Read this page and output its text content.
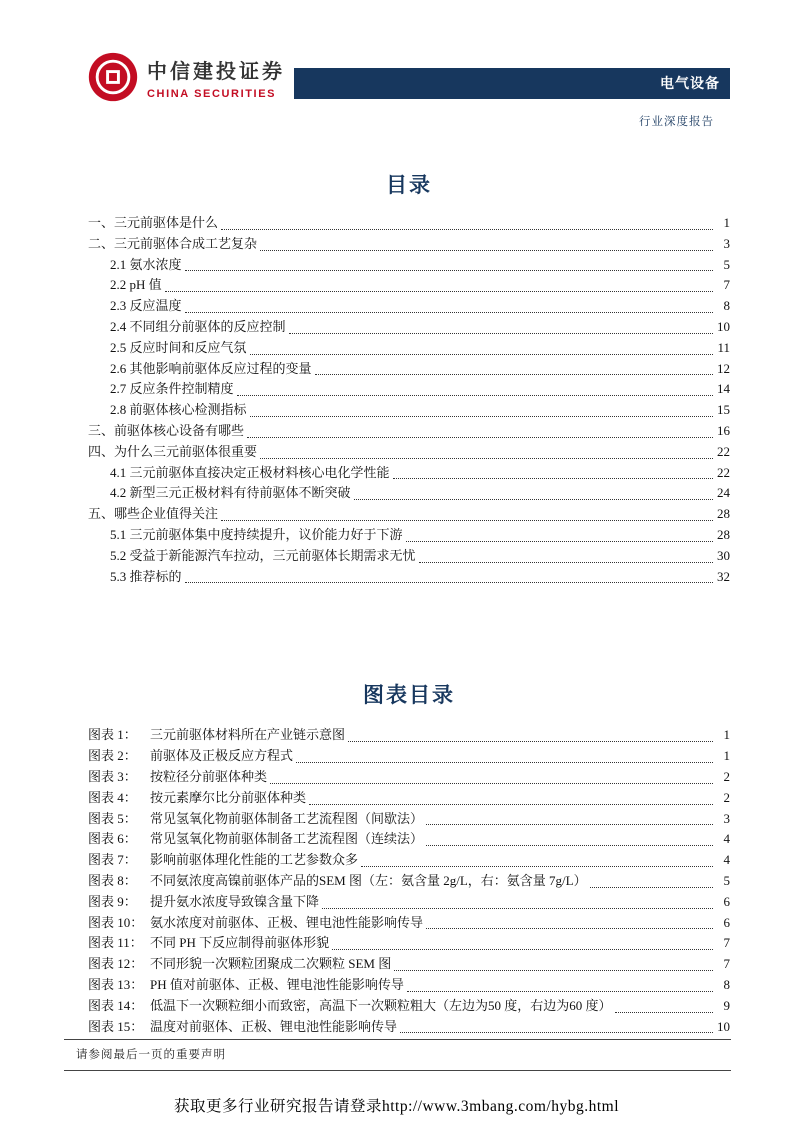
中信建投证券
CHINA SECURITIES
电气设备
行业深度报告
目录
一、三元前驱体是什么	1
二、三元前驱体合成工艺复杂	3
2.1 氨水浓度	5
2.2 pH 值	7
2.3 反应温度	8
2.4 不同组分前驱体的反应控制	10
2.5 反应时间和反应气氛	11
2.6 其他影响前驱体反应过程的变量	12
2.7 反应条件控制精度	14
2.8 前驱体核心检测指标	15
三、前驱体核心设备有哪些	16
四、为什么三元前驱体很重要	22
4.1 三元前驱体直接决定正极材料核心电化学性能	22
4.2 新型三元正极材料有待前驱体不断突破	24
五、哪些企业值得关注	28
5.1 三元前驱体集中度持续提升，议价能力好于下游	28
5.2 受益于新能源汽车拉动，三元前驱体长期需求无忧	30
5.3 推荐标的	32
图表目录
图表 1：	三元前驱体材料所在产业链示意图	1
图表 2：	前驱体及正极反应方程式	1
图表 3：	按粒径分前驱体种类	2
图表 4：	按元素摩尔比分前驱体种类	2
图表 5：	常见氢氧化物前驱体制备工艺流程图（间歇法）	3
图表 6：	常见氢氧化物前驱体制备工艺流程图（连续法）	4
图表 7：	影响前驱体理化性能的工艺参数众多	4
图表 8：	不同氨浓度高镍前驱体产品的SEM 图（左：氨含量 2g/L，右：氨含量 7g/L）	5
图表 9：	提升氨水浓度导致镍含量下降	6
图表 10： 氨水浓度对前驱体、正极、锂电池性能影响传导	6
图表 11： 不同 PH 下反应制得前驱体形貌	7
图表 12： 不同形貌一次颗粒团聚成二次颗粒 SEM 图	7
图表 13： PH 值对前驱体、正极、锂电池性能影响传导	8
图表 14： 低温下一次颗粒细小而致密，高温下一次颗粒粗大（左边为50 度，右边为60 度）	9
图表 15： 温度对前驱体、正极、锂电池性能影响传导	10
请参阅最后一页的重要声明
获取更多行业研究报告请登录http://www.3mbang.com/hybg.html
